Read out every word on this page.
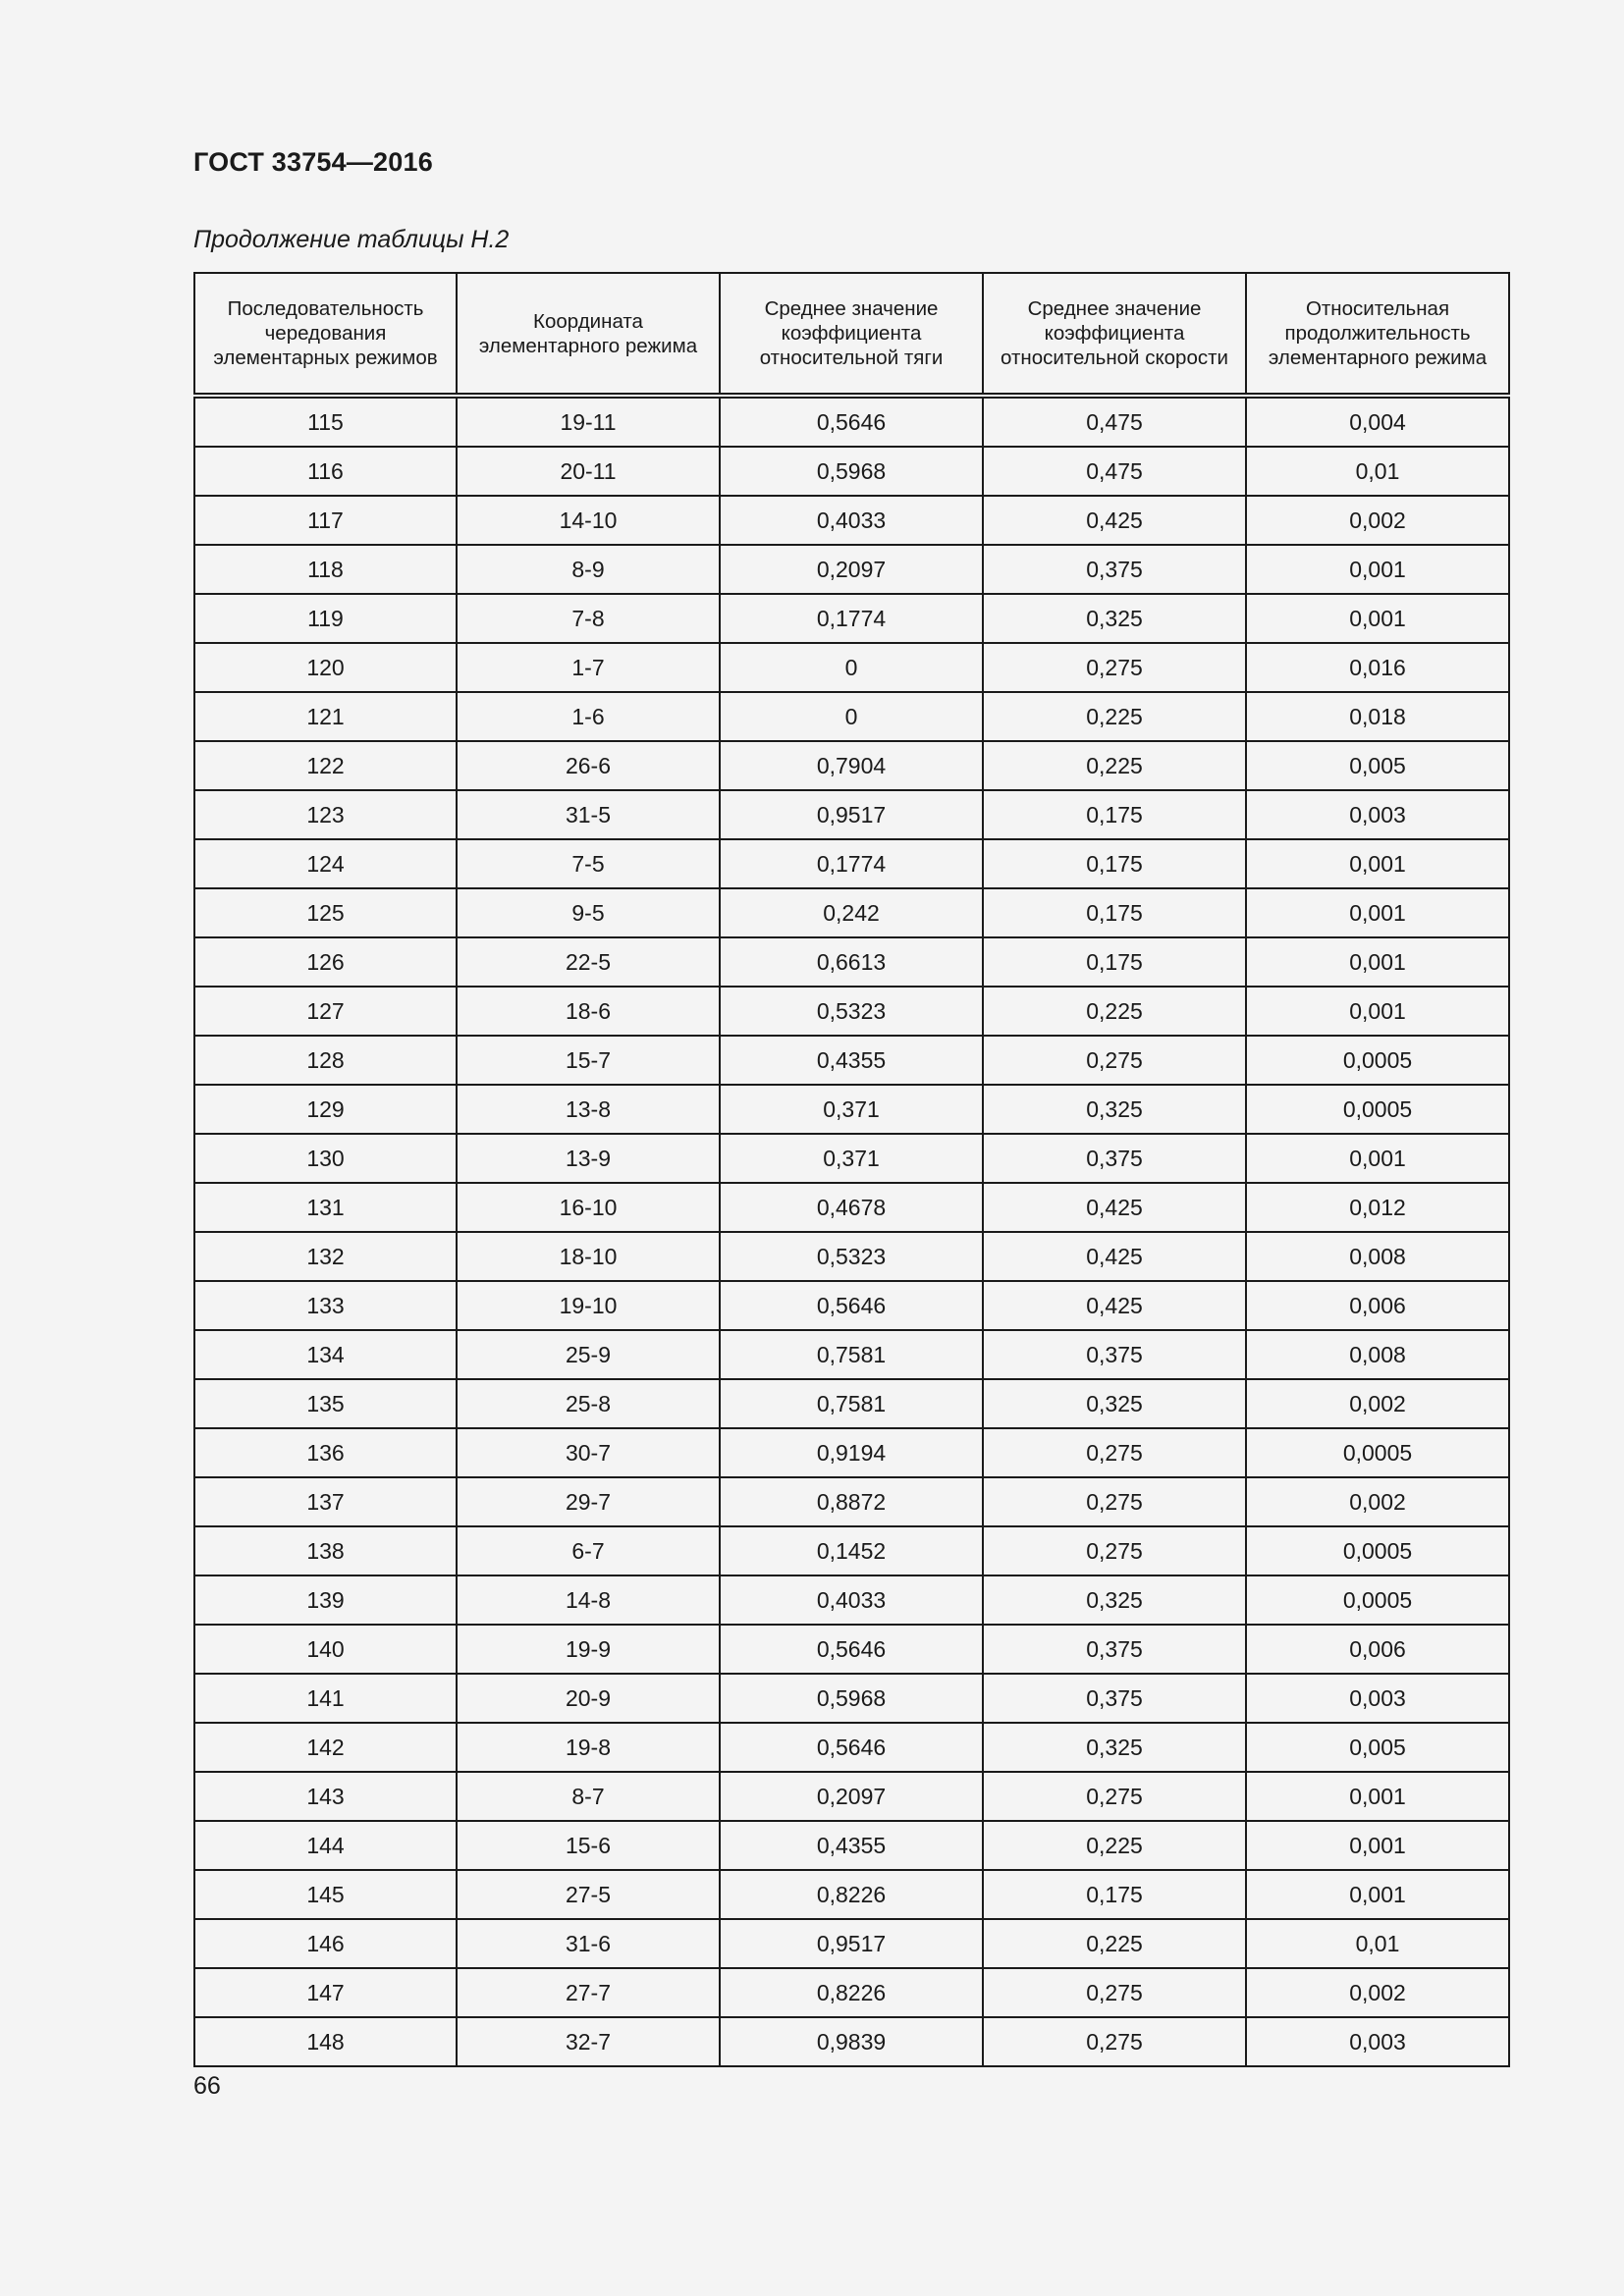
ГОСТ 33754—2016
Продолжение таблицы Н.2
Последовательность чередования элементарных режимов	Координата элементарного режима	Среднее значение коэффициента относительной тяги	Среднее значение коэффициента относительной скорости	Относительная продолжительность элементарного режима
115	19-11	0,5646	0,475	0,004
116	20-11	0,5968	0,475	0,01
117	14-10	0,4033	0,425	0,002
118	8-9	0,2097	0,375	0,001
119	7-8	0,1774	0,325	0,001
120	1-7	0	0,275	0,016
121	1-6	0	0,225	0,018
122	26-6	0,7904	0,225	0,005
123	31-5	0,9517	0,175	0,003
124	7-5	0,1774	0,175	0,001
125	9-5	0,242	0,175	0,001
126	22-5	0,6613	0,175	0,001
127	18-6	0,5323	0,225	0,001
128	15-7	0,4355	0,275	0,0005
129	13-8	0,371	0,325	0,0005
130	13-9	0,371	0,375	0,001
131	16-10	0,4678	0,425	0,012
132	18-10	0,5323	0,425	0,008
133	19-10	0,5646	0,425	0,006
134	25-9	0,7581	0,375	0,008
135	25-8	0,7581	0,325	0,002
136	30-7	0,9194	0,275	0,0005
137	29-7	0,8872	0,275	0,002
138	6-7	0,1452	0,275	0,0005
139	14-8	0,4033	0,325	0,0005
140	19-9	0,5646	0,375	0,006
141	20-9	0,5968	0,375	0,003
142	19-8	0,5646	0,325	0,005
143	8-7	0,2097	0,275	0,001
144	15-6	0,4355	0,225	0,001
145	27-5	0,8226	0,175	0,001
146	31-6	0,9517	0,225	0,01
147	27-7	0,8226	0,275	0,002
148	32-7	0,9839	0,275	0,003
66
